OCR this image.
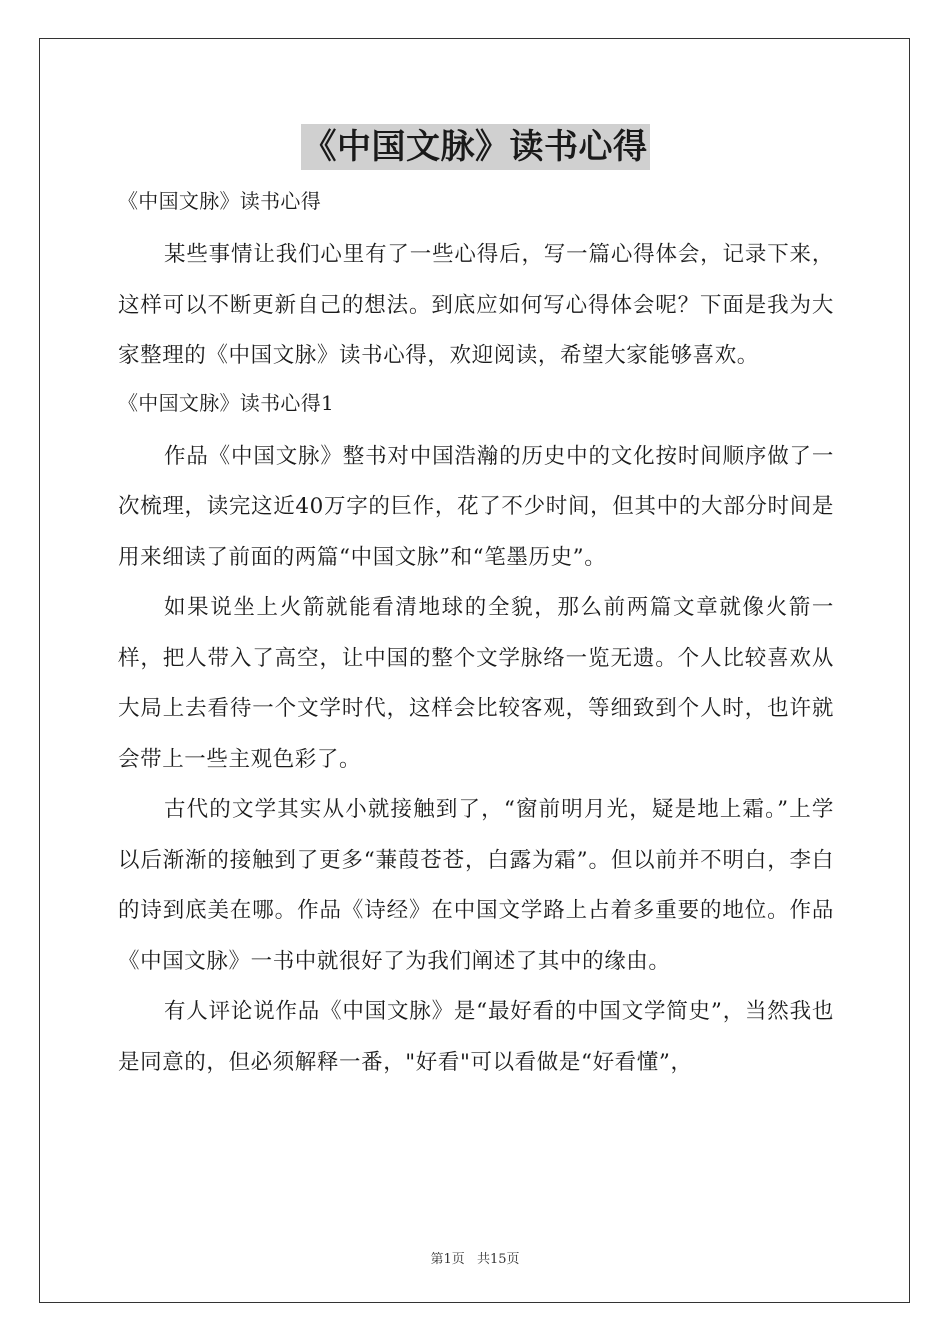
《中国文脉》读书心得

《中国文脉》读书心得

某些事情让我们心里有了一些心得后，写一篇心得体会，记录下来，这样可以不断更新自己的想法。到底应如何写心得体会呢？下面是我为大家整理的《中国文脉》读书心得，欢迎阅读，希望大家能够喜欢。

《中国文脉》读书心得1

作品《中国文脉》整书对中国浩瀚的历史中的文化按时间顺序做了一次梳理，读完这近40万字的巨作，花了不少时间，但其中的大部分时间是用来细读了前面的两篇“中国文脉”和“笔墨历史”。

如果说坐上火箭就能看清地球的全貌，那么前两篇文章就像火箭一样，把人带入了高空，让中国的整个文学脉络一览无遗。个人比较喜欢从大局上去看待一个文学时代，这样会比较客观，等细致到个人时，也许就会带上一些主观色彩了。

古代的文学其实从小就接触到了，“窗前明月光，疑是地上霜。”上学以后渐渐的接触到了更多“蒹葭苍苍，白露为霜”。但以前并不明白，李白的诗到底美在哪。作品《诗经》在中国文学路上占着多重要的地位。作品《中国文脉》一书中就很好了为我们阐述了其中的缘由。

有人评论说作品《中国文脉》是“最好看的中国文学简史”，当然我也是同意的，但必须解释一番，"好看"可以看做是“好看懂”，

第1页 共15页
